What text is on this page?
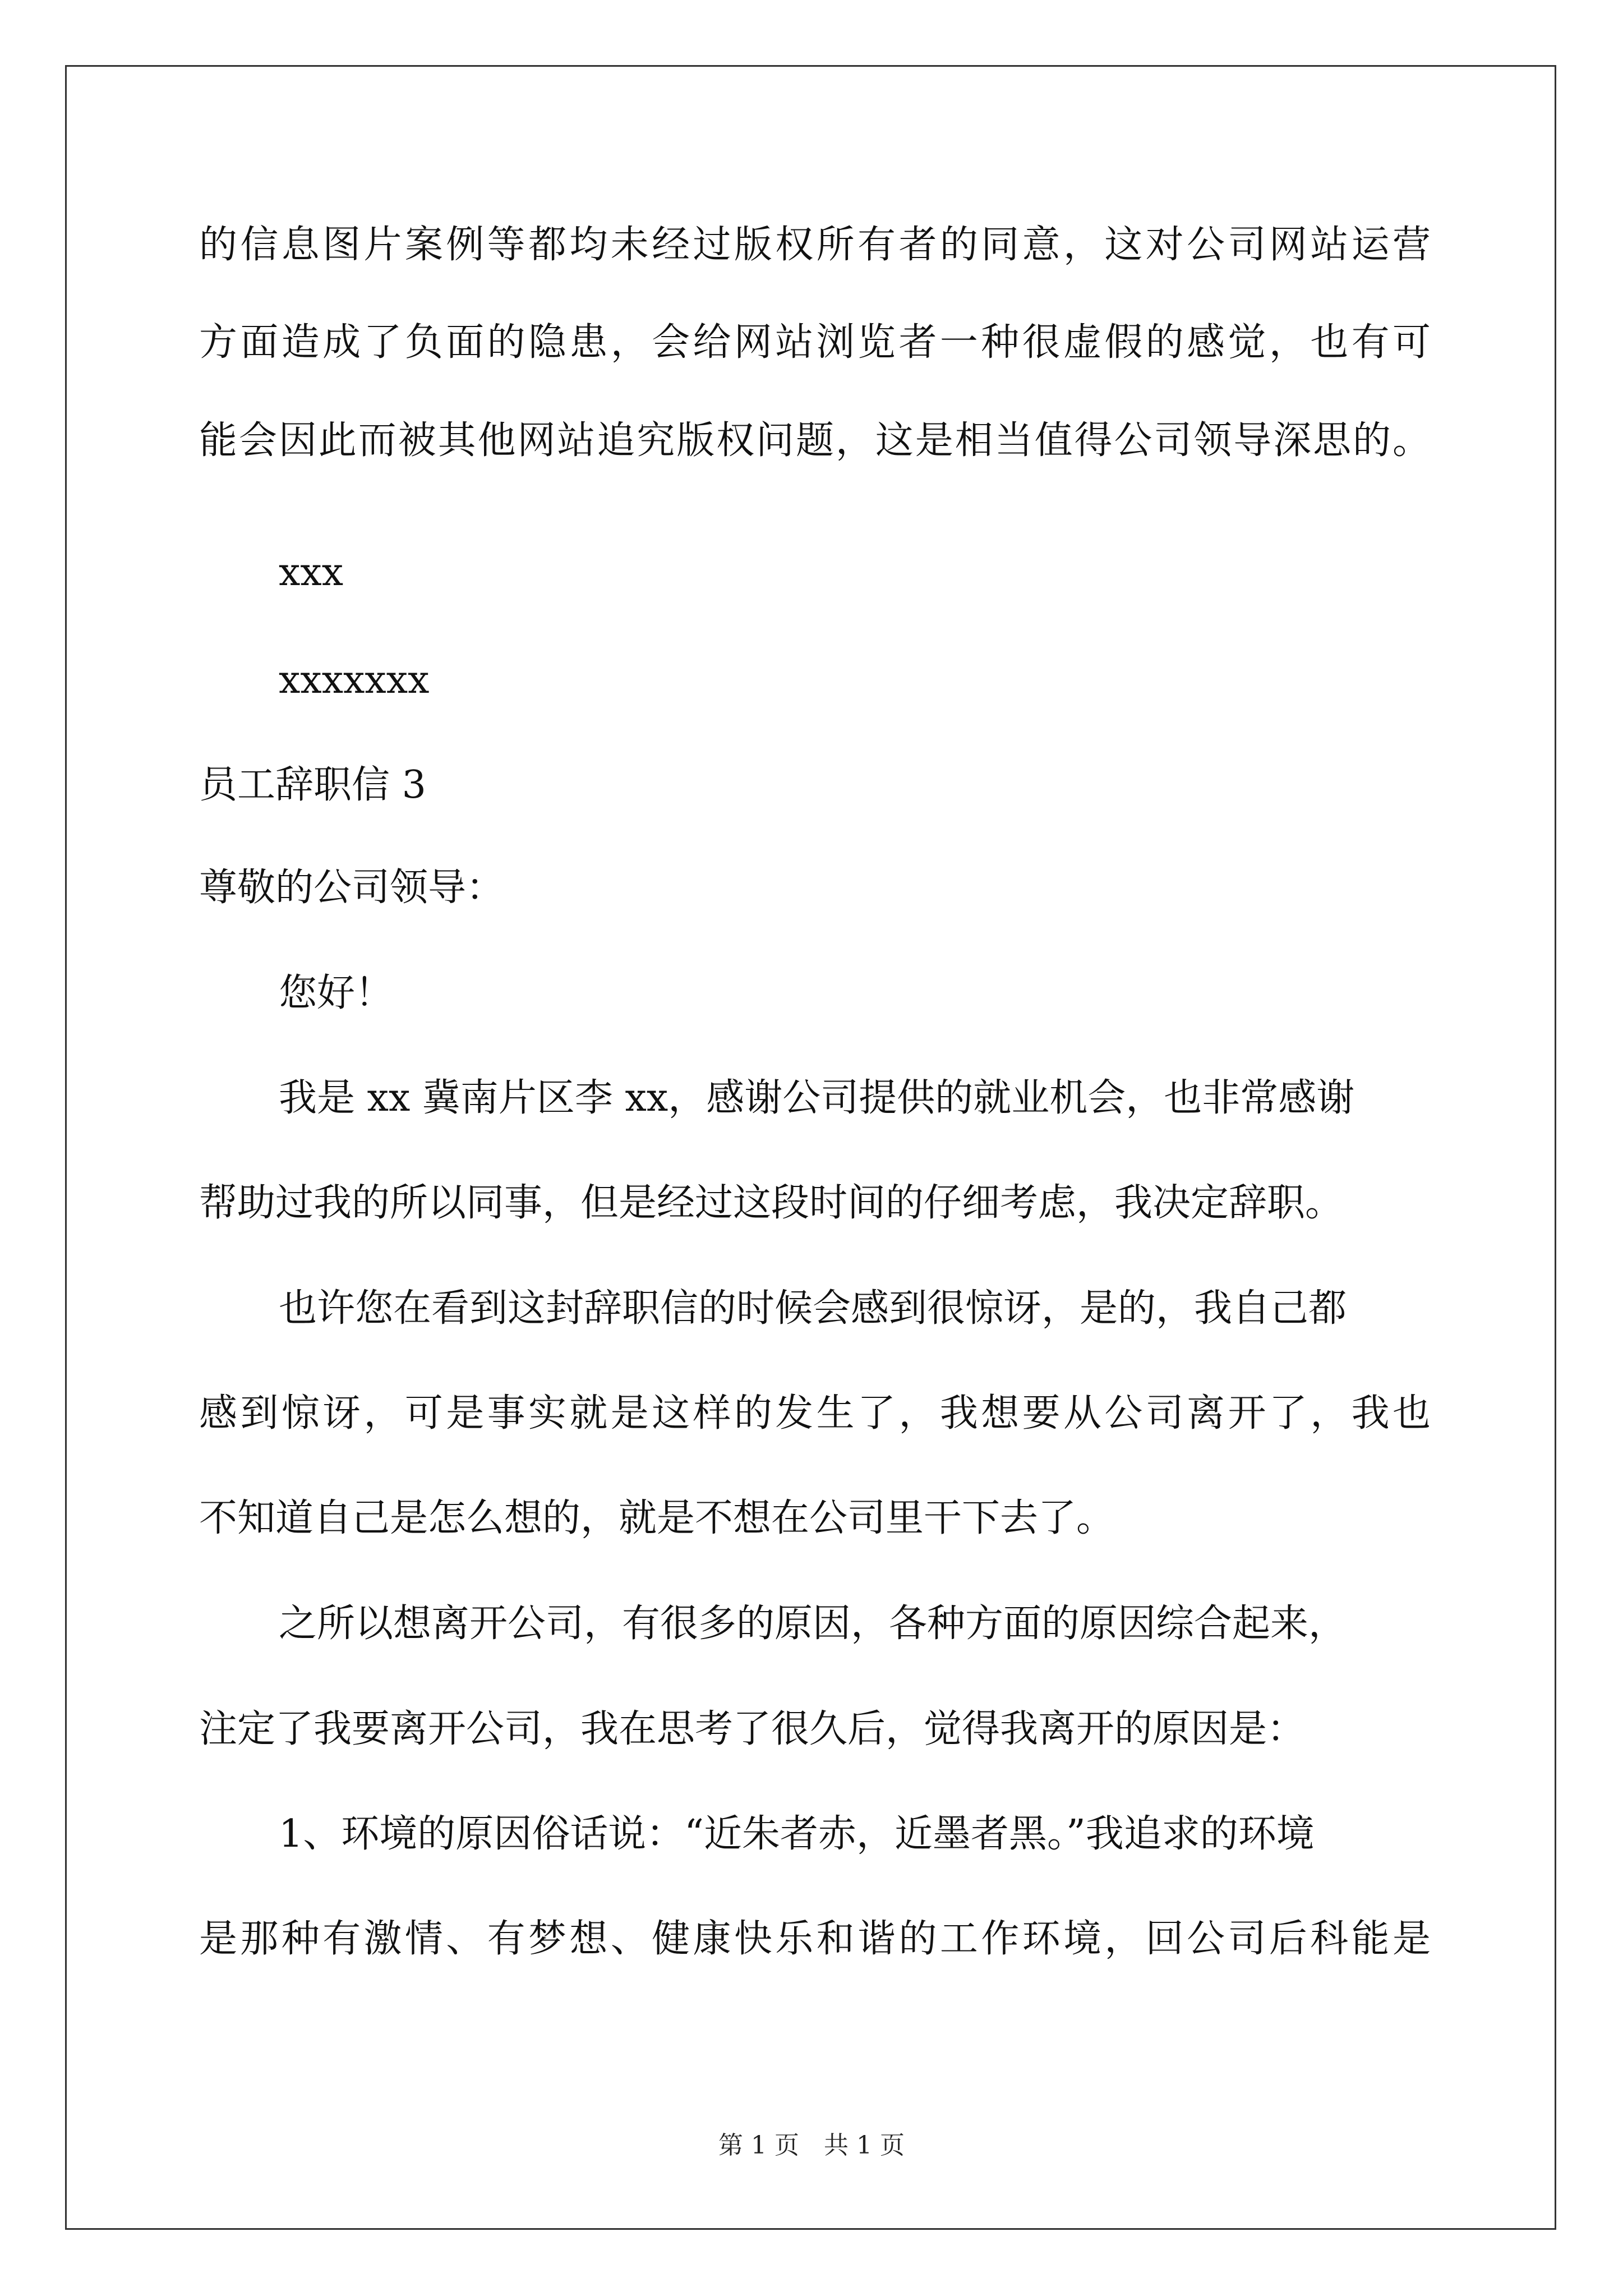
的信息图片案例等都均未经过版权所有者的同意，这对公司网站运营
方面造成了负面的隐患，会给网站浏览者一种很虚假的感觉，也有可
能会因此而被其他网站追究版权问题，这是相当值得公司领导深思的。
xxx
xxxxxxx
员工辞职信 3
尊敬的公司领导：
您好！
我是 xx 冀南片区李 xx，感谢公司提供的就业机会，也非常感谢
帮助过我的所以同事，但是经过这段时间的仔细考虑，我决定辞职。
也许您在看到这封辞职信的时候会感到很惊讶，是的，我自己都
感到惊讶，可是事实就是这样的发生了，我想要从公司离开了，我也
不知道自己是怎么想的，就是不想在公司里干下去了。
之所以想离开公司，有很多的原因，各种方面的原因综合起来，
注定了我要离开公司，我在思考了很久后，觉得我离开的原因是：
1、环境的原因俗话说：“近朱者赤，近墨者黑。”我追求的环境
是那种有激情、有梦想、健康快乐和谐的工作环境，回公司后科能是
第 1 页　共 1 页
